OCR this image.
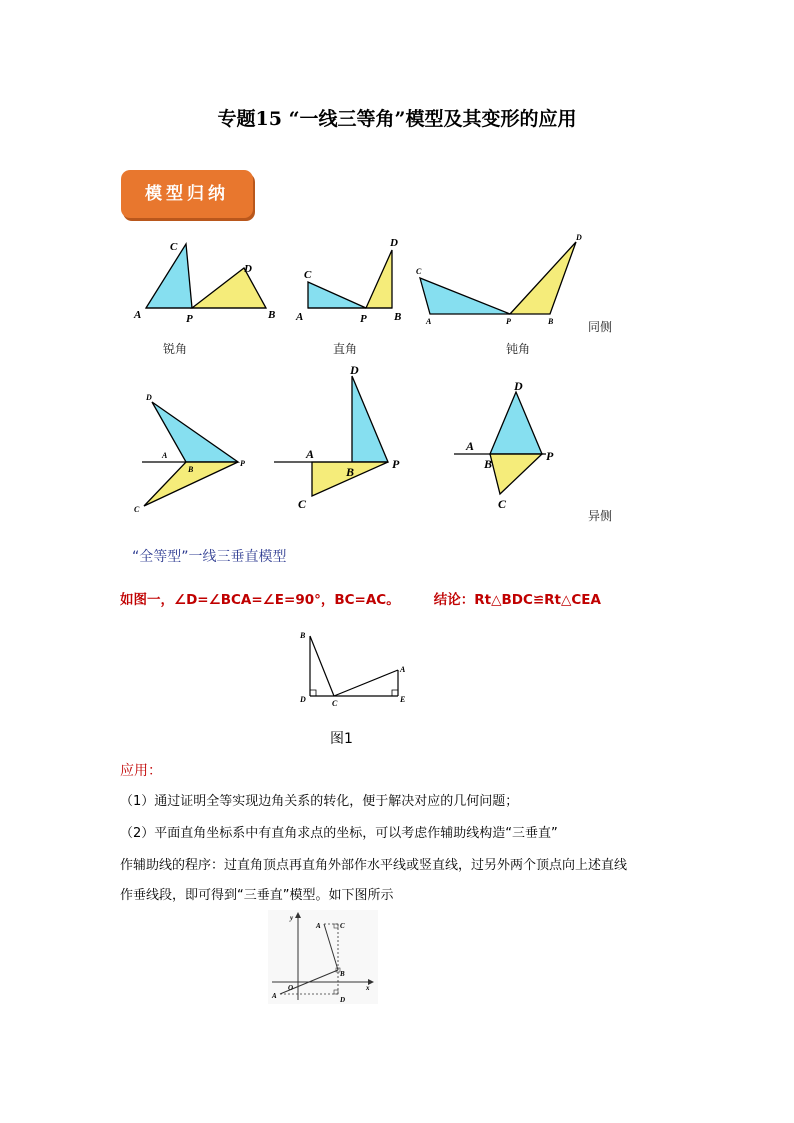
专题15 “一线三等角”模型及其变形的应用
模型归纳
A
C
P
D
B
C
A	P
D
B
C
A	P	B
D
同侧
锐角	直角	钝角
D
A
B
P
C
D
A
B
P
C
D
A
B
P
C
异侧
“全等型”一线三垂直模型
如图一，∠D=∠BCA=∠E=90°，BC=AC。	结论：Rt△BDC≌Rt△CEA
B
A
D	C	E
图1
应用：
（1）通过证明全等实现边角关系的转化，便于解决对应的几何问题；
（2）平面直角坐标系中有直角求点的坐标，可以考虑作辅助线构造“三垂直”
作辅助线的程序：过直角顶点再直角外部作水平线或竖直线，过另外两个顶点向上述直线
作垂线段，即可得到“三垂直”模型。如下图所示
y
A	C
B
O	x
A	D
